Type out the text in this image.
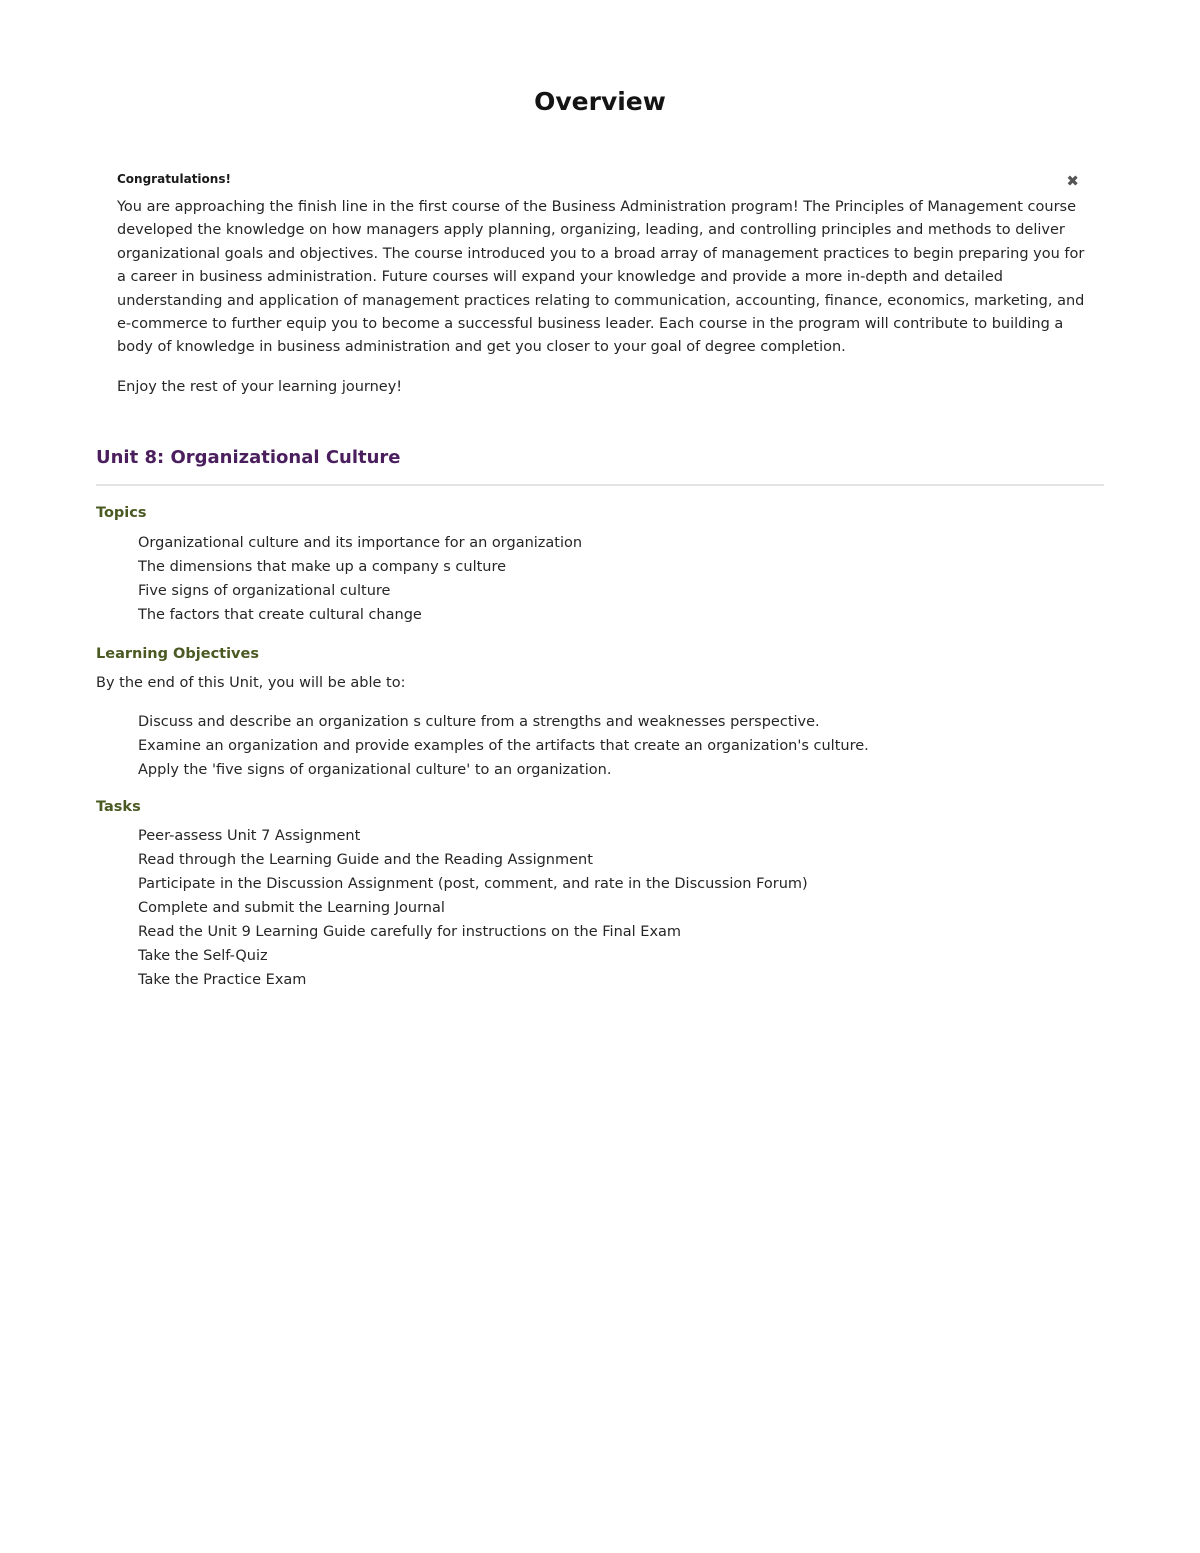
Overview

Congratulations!	✖

You are approaching the finish line in the first course of the Business Administration program! The Principles of Management course developed the knowledge on how managers apply planning, organizing, leading, and controlling principles and methods to deliver organizational goals and objectives. The course introduced you to a broad array of management practices to begin preparing you for a career in business administration. Future courses will expand your knowledge and provide a more in-depth and detailed understanding and application of management practices relating to communication, accounting, finance, economics, marketing, and e-commerce to further equip you to become a successful business leader. Each course in the program will contribute to building a body of knowledge in business administration and get you closer to your goal of degree completion.

Enjoy the rest of your learning journey!

Unit 8: Organizational Culture
Topics
Organizational culture and its importance for an organization
The dimensions that make up a company s culture
Five signs of organizational culture
The factors that create cultural change
Learning Objectives

By the end of this Unit, you will be able to:

Discuss and describe an organization s culture from a strengths and weaknesses perspective.
Examine an organization and provide examples of the artifacts that create an organization's culture.
Apply the 'five signs of organizational culture' to an organization.
Tasks
Peer-assess Unit 7 Assignment
Read through the Learning Guide and the Reading Assignment
Participate in the Discussion Assignment (post, comment, and rate in the Discussion Forum)
Complete and submit the Learning Journal
Read the Unit 9 Learning Guide carefully for instructions on the Final Exam
Take the Self-Quiz
Take the Practice Exam
